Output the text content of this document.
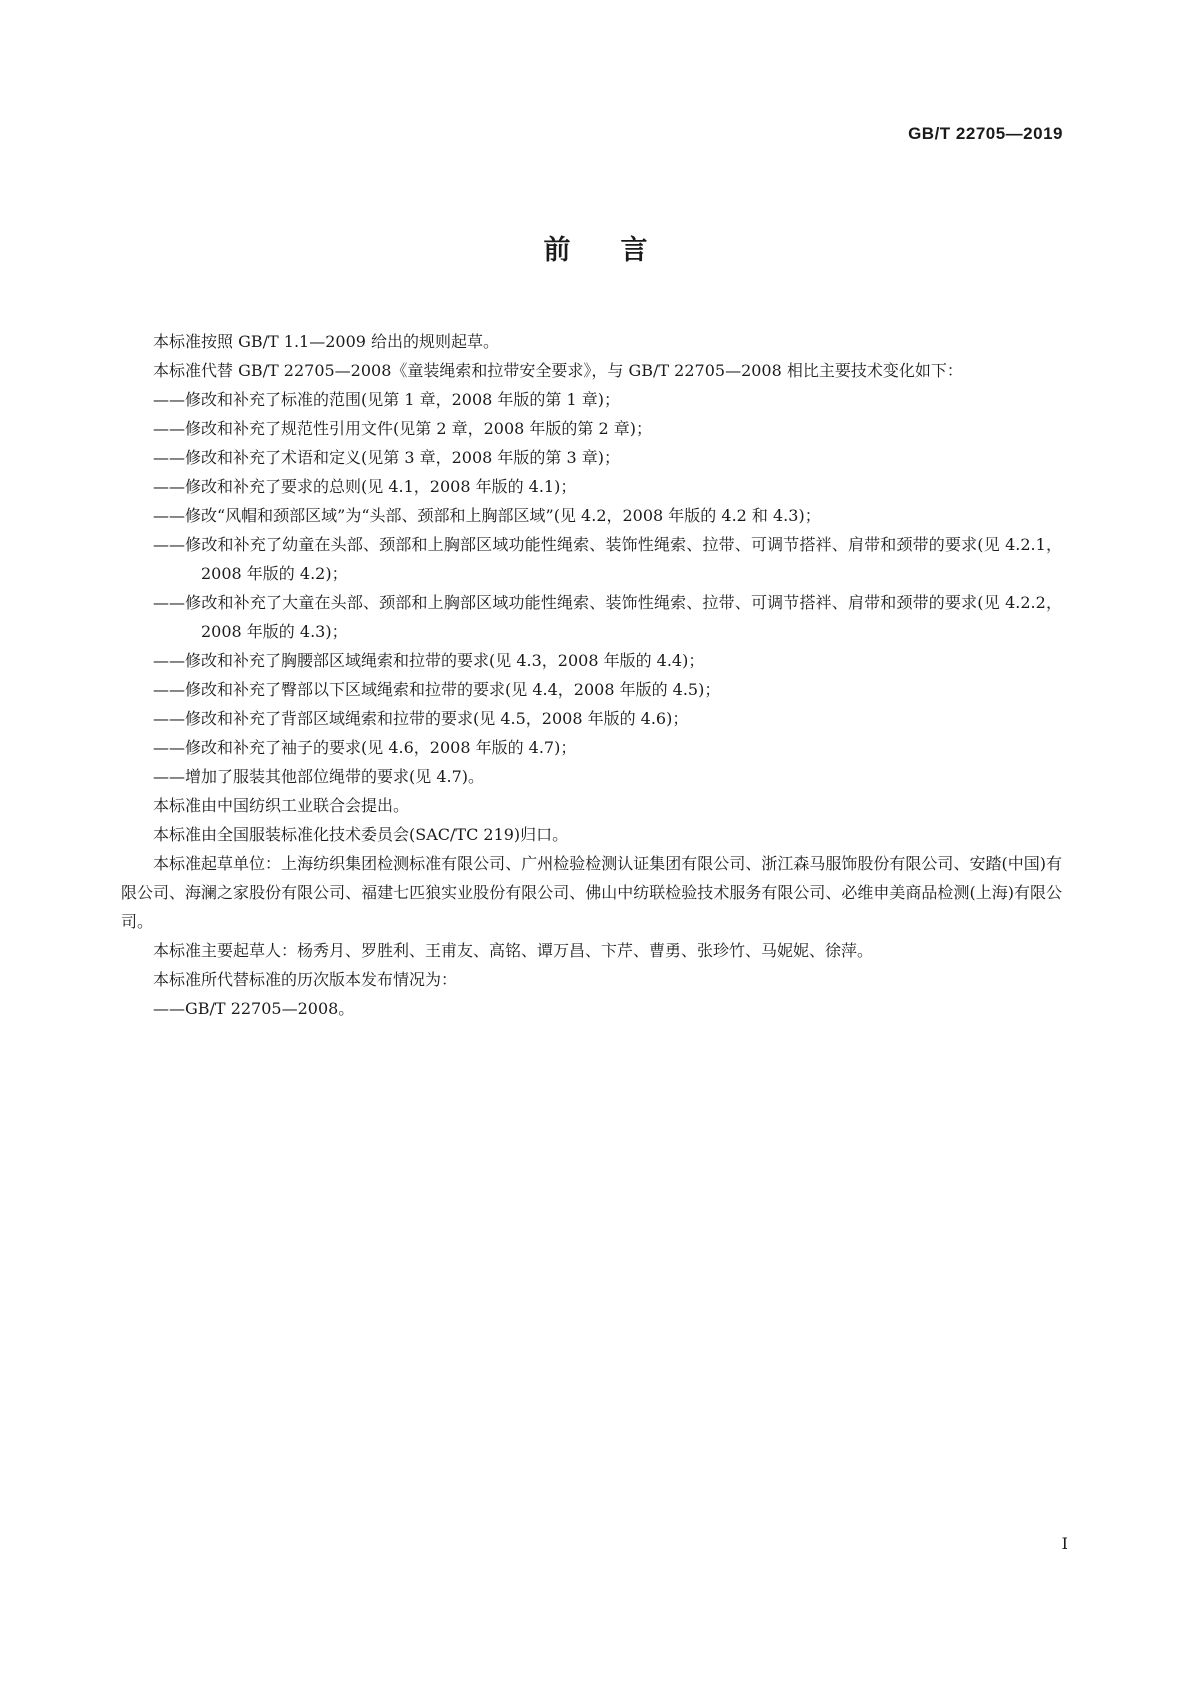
GB/T 22705—2019
前言

本标准按照 GB/T 1.1—2009 给出的规则起草。

本标准代替 GB/T 22705—2008《童装绳索和拉带安全要求》，与 GB/T 22705—2008 相比主要技术变化如下：

——修改和补充了标准的范围(见第 1 章，2008 年版的第 1 章)；

——修改和补充了规范性引用文件(见第 2 章，2008 年版的第 2 章)；

——修改和补充了术语和定义(见第 3 章，2008 年版的第 3 章)；

——修改和补充了要求的总则(见 4.1，2008 年版的 4.1)；

——修改“风帽和颈部区域”为“头部、颈部和上胸部区域”(见 4.2，2008 年版的 4.2 和 4.3)；

——修改和补充了幼童在头部、颈部和上胸部区域功能性绳索、装饰性绳索、拉带、可调节搭袢、肩带和颈带的要求(见 4.2.1，2008 年版的 4.2)；

——修改和补充了大童在头部、颈部和上胸部区域功能性绳索、装饰性绳索、拉带、可调节搭袢、肩带和颈带的要求(见 4.2.2，2008 年版的 4.3)；

——修改和补充了胸腰部区域绳索和拉带的要求(见 4.3，2008 年版的 4.4)；

——修改和补充了臀部以下区域绳索和拉带的要求(见 4.4，2008 年版的 4.5)；

——修改和补充了背部区域绳索和拉带的要求(见 4.5，2008 年版的 4.6)；

——修改和补充了袖子的要求(见 4.6，2008 年版的 4.7)；

——增加了服装其他部位绳带的要求(见 4.7)。

本标准由中国纺织工业联合会提出。

本标准由全国服装标准化技术委员会(SAC/TC 219)归口。

本标准起草单位：上海纺织集团检测标准有限公司、广州检验检测认证集团有限公司、浙江森马服饰股份有限公司、安踏(中国)有限公司、海澜之家股份有限公司、福建七匹狼实业股份有限公司、佛山中纺联检验技术服务有限公司、必维申美商品检测(上海)有限公司。

本标准主要起草人：杨秀月、罗胜利、王甫友、高铭、谭万昌、卞芹、曹勇、张珍竹、马妮妮、徐萍。

本标准所代替标准的历次版本发布情况为：

——GB/T 22705—2008。

I
